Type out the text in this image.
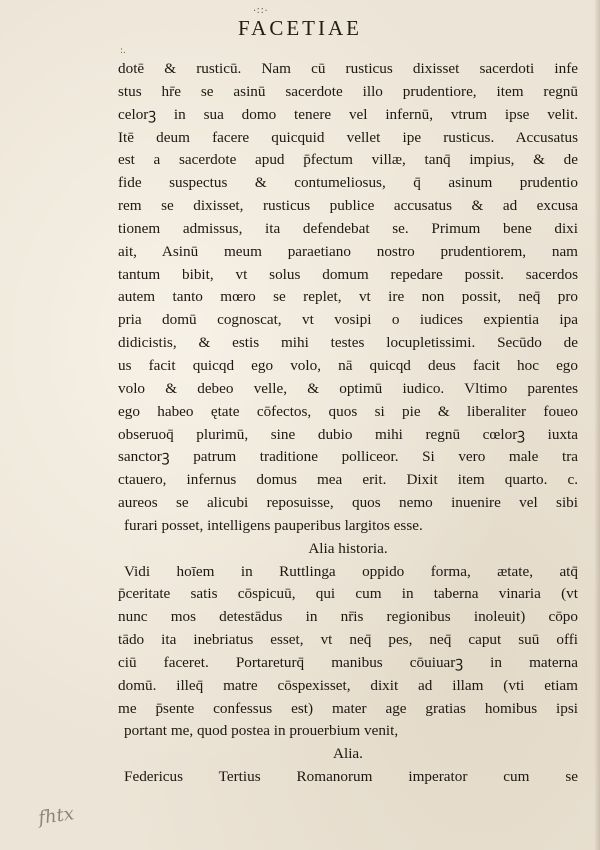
·∷·
FACETIAE
:.
dotē & rusticū. Nam cū rusticus dixisset sacerdoti infe
stus hr̄e se asinū sacerdote illo prudentiore, item regnū
celorꝫ in sua domo tenere vel infernū, vtrum ipse velit.
Itē deum facere quicquid vellet ipe rusticus. Accusatus
est a sacerdote apud p̄fectum villæ, tanq̄ impius, & de
fide suspectus & contumeliosus, q̄ asinum prudentio
rem se dixisset, rusticus publice accusatus & ad excusa
tionem admissus, ita defendebat se. Primum bene dixi
ait, Asinū meum paraetiano nostro prudentiorem, nam
tantum bibit, vt solus domum repedare possit. sacerdos
autem tanto mœro se replet, vt ire non possit, neq̄ pro
pria domū cognoscat, vt vosipi o iudices expientia ipa
didicistis, & estis mihi testes locupletissimi. Secūdo de
us facit quicqd ego volo, nā quicqd deus facit hoc ego
volo & debeo velle, & optimū iudico. Vltimo parentes
ego habeo ętate cōfectos, quos si pie & liberaliter foueo
obseruoq̄ plurimū, sine dubio mihi regnū cœlorꝫ iuxta
sanctorꝫ patrum traditione polliceor. Si vero male tra
ctauero, infernus domus mea erit. Dixit item quarto. c.
aureos se alicubi reposuisse, quos nemo inuenire vel sibi
furari posset, intelligens pauperibus largitos esse.
Alia historia.
Vidi hoīem in Ruttlinga oppido forma, ætate, atq̄
p̄ceritate satis cōspicuū, qui cum in taberna vinaria (vt
nunc mos detestādus in nr̄is regionibus inoleuit) cōpo
tādo ita inebriatus esset, vt neq̄ pes, neq̄ caput suū offi
ciū faceret. Portareturq̄ manibus cōuiuarꝫ in materna
domū. illeq̄ matre cōspexisset, dixit ad illam (vti etiam
me p̄sente confessus est) mater age gratias homibus ipsi
portant me, quod postea in prouerbium venit,
Alia.
Federicus Tertius Romanorum imperator cum se
fhtx
